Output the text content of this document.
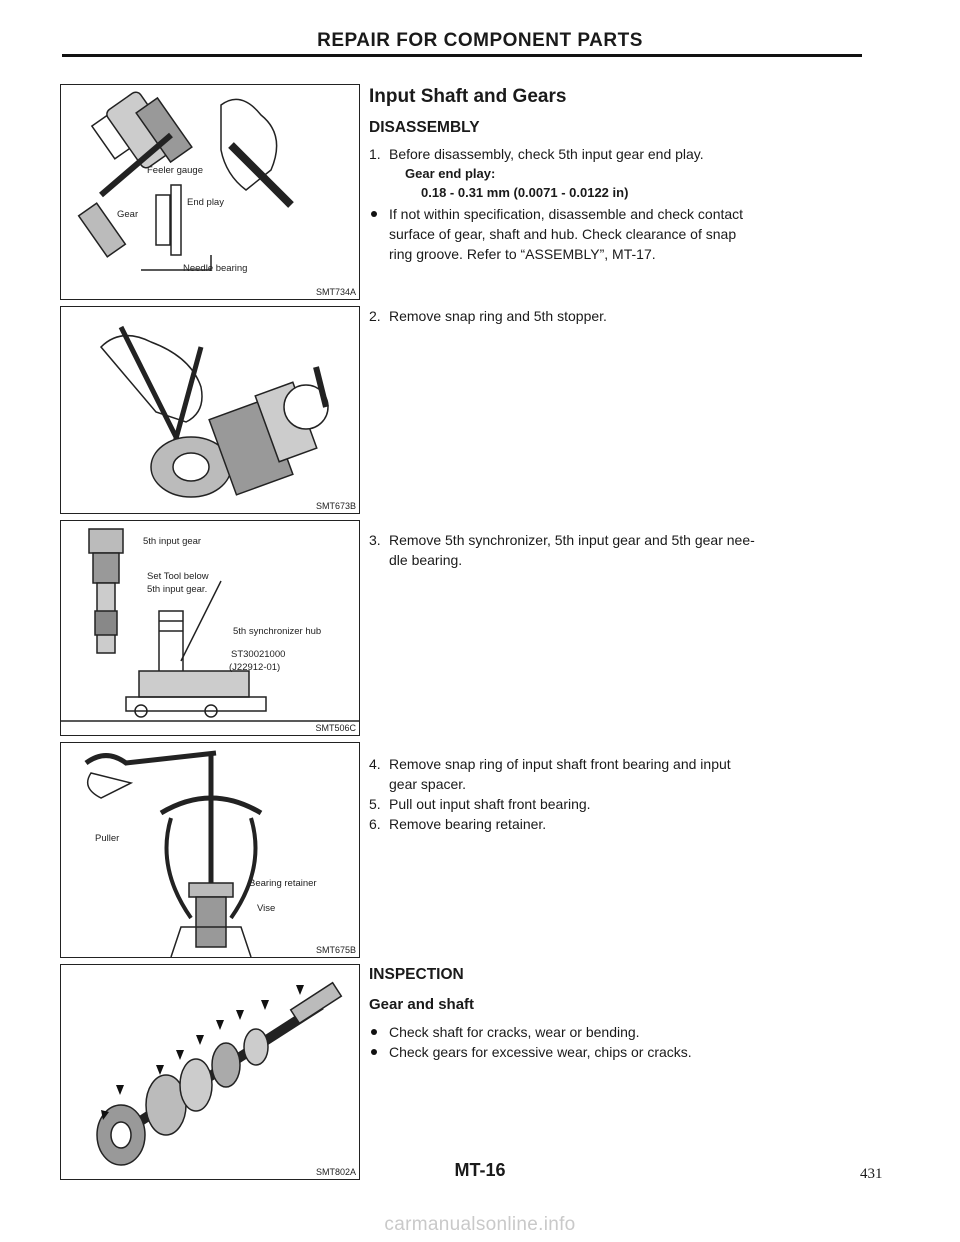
REPAIR FOR COMPONENT PARTS
Feeler gauge
End play
Gear
Needle bearing
SMT734A
SMT673B
5th input gear
Set Tool below
5th input gear.
5th synchronizer hub
ST30021000
(J22912-01)
SMT506C
Puller
Bearing retainer
Vise
SMT675B
SMT802A
Input Shaft and Gears
DISASSEMBLY
1. Before disassembly, check 5th input gear end play.
Gear end play:
0.18 - 0.31 mm (0.0071 - 0.0122 in)
If not within specification, disassemble and check contact
surface of gear, shaft and hub. Check clearance of snap
ring groove. Refer to “ASSEMBLY”, MT-17.
2. Remove snap ring and 5th stopper.
3. Remove 5th synchronizer, 5th input gear and 5th gear nee-
dle bearing.
4. Remove snap ring of input shaft front bearing and input
gear spacer.
5. Pull out input shaft front bearing.
6. Remove bearing retainer.
INSPECTION
Gear and shaft
Check shaft for cracks, wear or bending.
Check gears for excessive wear, chips or cracks.
MT-16	431
carmanualsonline.info
